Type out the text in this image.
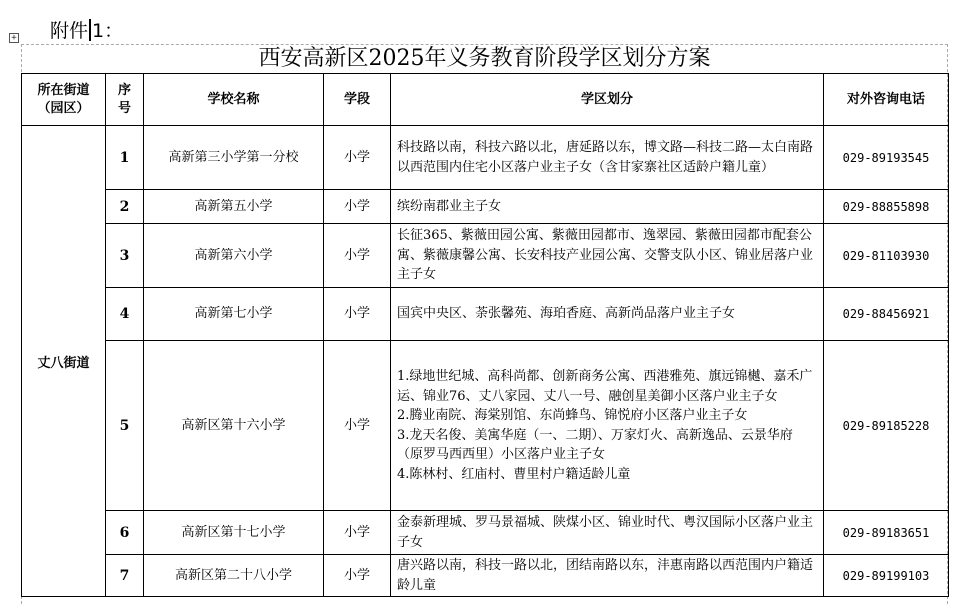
附件 1：
+
西安高新区2025年义务教育阶段学区划分方案
所在街道（园区）	序号	学校名称	学段	学区划分	对外咨询电话
丈八街道	1	高新第三小学第一分校	小学	科技路以南，科技六路以北，唐延路以东，博文路—科技二路—太白南路以西范围内住宅小区落户业主子女（含甘家寨社区适龄户籍儿童）	029-89193545
	2	高新第五小学	小学	缤纷南郡业主子女	029-88855898
	3	高新第六小学	小学	长征365、紫薇田园公寓、紫薇田园都市、逸翠园、紫薇田园都市配套公寓、紫薇康馨公寓、长安科技产业园公寓、交警支队小区、锦业居落户业主子女	029-81103930
	4	高新第七小学	小学	国宾中央区、荼张馨苑、海珀香庭、高新尚品落户业主子女	029-88456921
	5	高新区第十六小学	小学	1.绿地世纪城、高科尚都、创新商务公寓、西港雅苑、旗远锦樾、嘉禾广运、锦业76、丈八家园、丈八一号、融创星美御小区落户业主子女
2.腾业南院、海棠别馆、东尚蜂鸟、锦悦府小区落户业主子女
3.龙天名俊、美寓华庭（一、二期）、万家灯火、高新逸品、云景华府（原罗马西西里）小区落户业主子女
4.陈林村、红庙村、曹里村户籍适龄儿童	029-89185228
	6	高新区第十七小学	小学	金泰新理城、罗马景福城、陕煤小区、锦业时代、粤汉国际小区落户业主子女	029-89183651
	7	高新区第二十八小学	小学	唐兴路以南，科技一路以北，团结南路以东，沣惠南路以西范围内户籍适龄儿童	029-89199103
